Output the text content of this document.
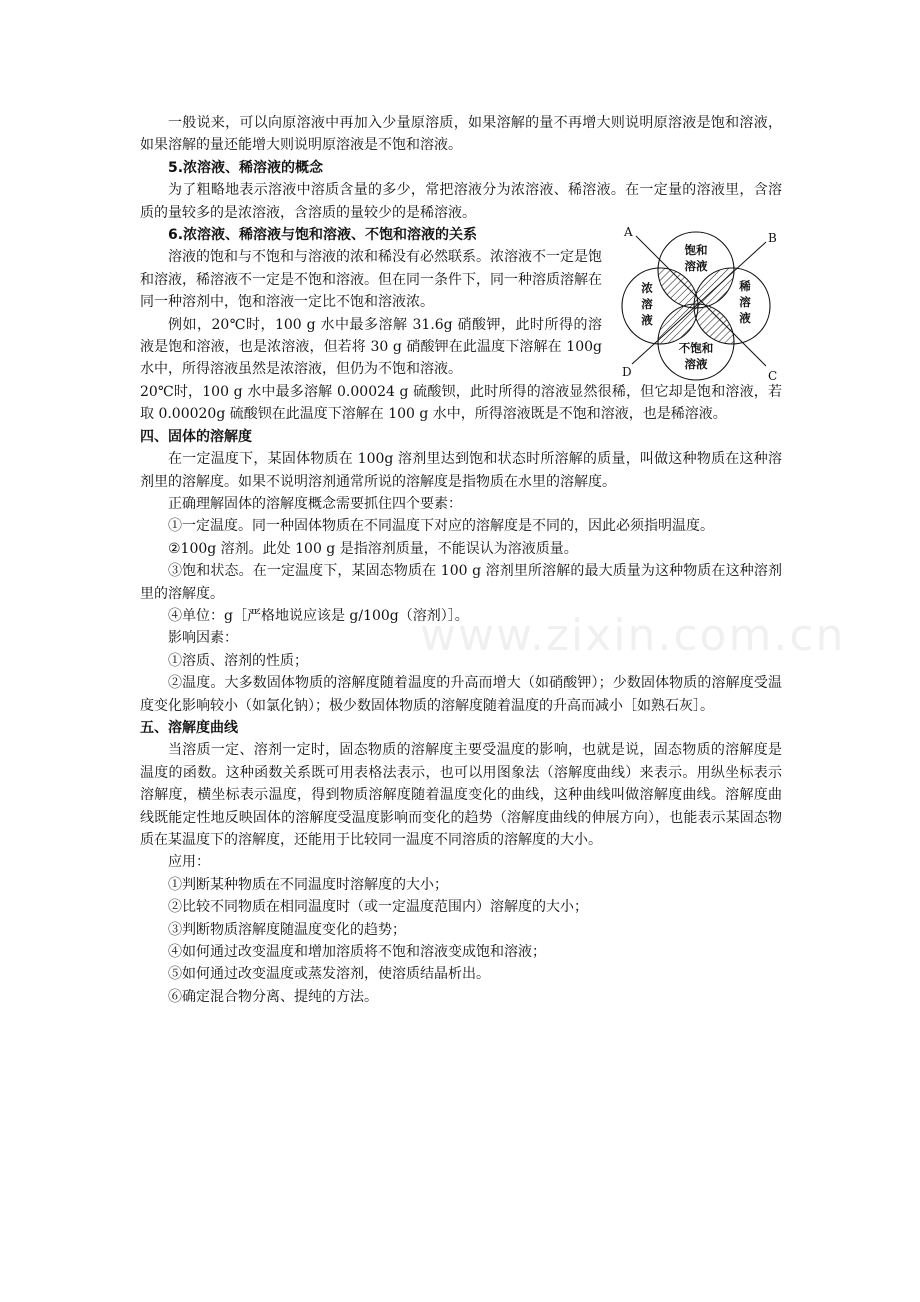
www.zixin.com.cn

一般说来，可以向原溶液中再加入少量原溶质，如果溶解的量不再增大则说明原溶液是饱和溶液，如果溶解的量还能增大则说明原溶液是不饱和溶液。

5.浓溶液、稀溶液的概念

为了粗略地表示溶液中溶质含量的多少，常把溶液分为浓溶液、稀溶液。在一定量的溶液里，含溶质的量较多的是浓溶液，含溶质的量较少的是稀溶液。

6.浓溶液、稀溶液与饱和溶液、不饱和溶液的关系

溶液的饱和与不饱和与溶液的浓和稀没有必然联系。浓溶液不一定是饱和溶液，稀溶液不一定是不饱和溶液。但在同一条件下，同一种溶质溶解在同一种溶剂中，饱和溶液一定比不饱和溶液浓。

例如，20℃时，100 g 水中最多溶解 31.6g 硝酸钾，此时所得的溶液是饱和溶液，也是浓溶液，但若将 30 g 硝酸钾在此温度下溶解在 100g 水中，所得溶液虽然是浓溶液，但仍为不饱和溶液。

A	B
C
D
饱和
溶液
浓
溶
液
稀
溶
液
不饱和
溶液

20℃时，100 g 水中最多溶解 0.00024 g 硫酸钡，此时所得的溶液显然很稀，但它却是饱和溶液，若取 0.00020g 硫酸钡在此温度下溶解在 100 g 水中，所得溶液既是不饱和溶液，也是稀溶液。

四、固体的溶解度

在一定温度下，某固体物质在 100g 溶剂里达到饱和状态时所溶解的质量，叫做这种物质在这种溶剂里的溶解度。如果不说明溶剂通常所说的溶解度是指物质在水里的溶解度。

正确理解固体的溶解度概念需要抓住四个要素：

①一定温度。同一种固体物质在不同温度下对应的溶解度是不同的，因此必须指明温度。

②100g 溶剂。此处 100 g 是指溶剂质量，不能误认为溶液质量。

③饱和状态。在一定温度下，某固态物质在 100 g 溶剂里所溶解的最大质量为这种物质在这种溶剂里的溶解度。

④单位：g［严格地说应该是 g/100g（溶剂）］。

影响因素：

①溶质、溶剂的性质；

②温度。大多数固体物质的溶解度随着温度的升高而增大（如硝酸钾）；少数固体物质的溶解度受温度变化影响较小（如氯化钠）；极少数固体物质的溶解度随着温度的升高而减小［如熟石灰］。

五、溶解度曲线

当溶质一定、溶剂一定时，固态物质的溶解度主要受温度的影响，也就是说，固态物质的溶解度是温度的函数。这种函数关系既可用表格法表示，也可以用图象法（溶解度曲线）来表示。用纵坐标表示溶解度，横坐标表示温度，得到物质溶解度随着温度变化的曲线，这种曲线叫做溶解度曲线。溶解度曲线既能定性地反映固体的溶解度受温度影响而变化的趋势（溶解度曲线的伸展方向），也能表示某固态物质在某温度下的溶解度，还能用于比较同一温度不同溶质的溶解度的大小。

应用：

①判断某种物质在不同温度时溶解度的大小；

②比较不同物质在相同温度时（或一定温度范围内）溶解度的大小；

③判断物质溶解度随温度变化的趋势；

④如何通过改变温度和增加溶质将不饱和溶液变成饱和溶液；

⑤如何通过改变温度或蒸发溶剂，使溶质结晶析出。

⑥确定混合物分离、提纯的方法。
